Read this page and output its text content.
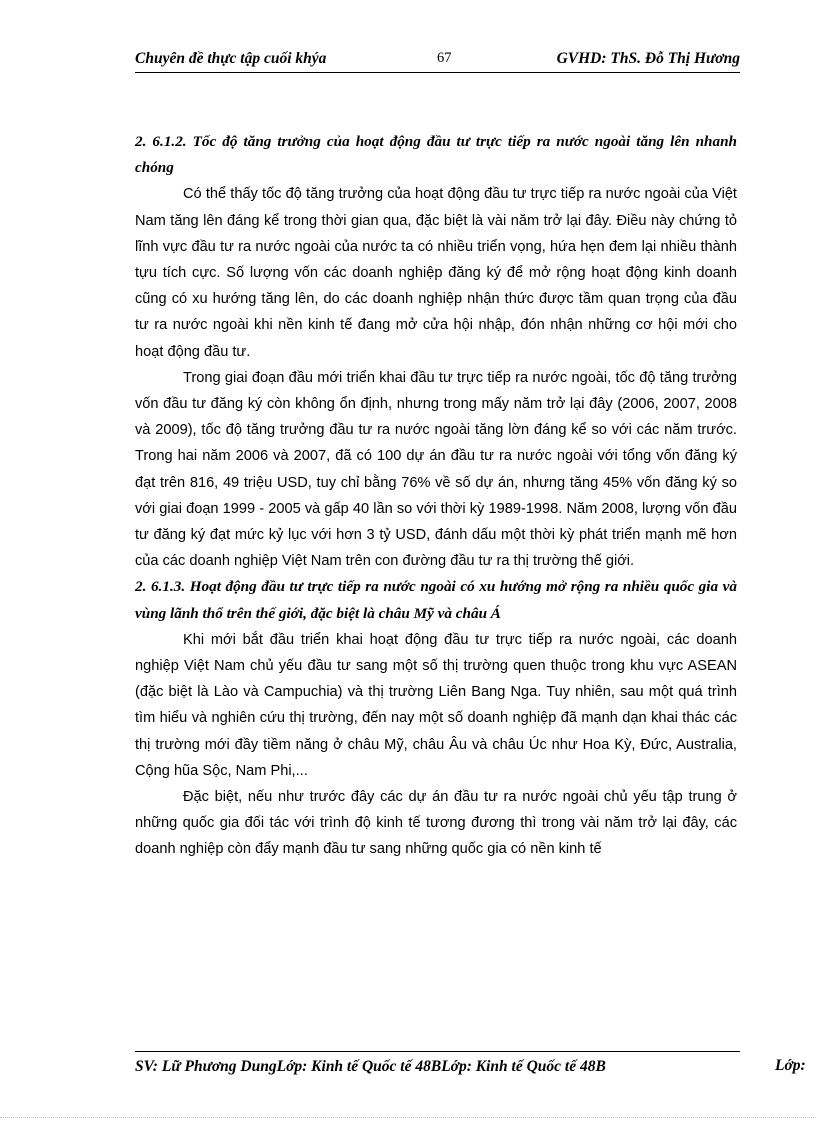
Chuyên đề thực tập cuối khýa	67	GVHD: ThS. Đỗ Thị Hương

2. 6.1.2. Tốc độ tăng trưởng của hoạt động đầu tư trực tiếp ra nước ngoài tăng lên nhanh chóng

Có thể thấy tốc độ tăng trưởng của hoạt động đầu tư trực tiếp ra nước ngoài của Việt Nam tăng lên đáng kể trong thời gian qua, đặc biệt là vài năm trở lại đây. Điều này chứng tỏ lĩnh vực đầu tư ra nước ngoài của nước ta có nhiều triển vọng, hứa hẹn đem lại nhiều thành tựu tích cực. Số lượng vốn các doanh nghiệp đăng ký để mở rộng hoạt động kinh doanh cũng có xu hướng tăng lên, do các doanh nghiệp nhận thức được tầm quan trọng của đầu tư ra nước ngoài khi nền kinh tế đang mở cửa hội nhập, đón nhận những cơ hội mới cho hoạt động đầu tư.

Trong giai đoạn đầu mới triển khai đầu tư trực tiếp ra nước ngoài, tốc độ tăng trưởng vốn đầu tư đăng ký còn không ổn định, nhưng trong mấy năm trở lại đây (2006, 2007, 2008 và 2009), tốc độ tăng trưởng đầu tư ra nước ngoài tăng lờn đáng kể so với các năm trước. Trong hai năm 2006 và 2007, đã có 100 dự án đầu tư ra nước ngoài với tổng vốn đăng ký đạt trên 816, 49 triệu USD, tuy chỉ bằng 76% về số dự án, nhưng tăng 45% vốn đăng ký so với giai đoạn 1999 - 2005 và gấp 40 lần so với thời kỳ 1989-1998. Năm 2008, lượng vốn đầu tư đăng ký đạt mức kỷ lục với hơn 3 tỷ USD, đánh dấu một thời kỳ phát triển mạnh mẽ hơn của các doanh nghiệp Việt Nam trên con đường đầu tư ra thị trường thế giới.

2. 6.1.3. Hoạt động đầu tư trực tiếp ra nước ngoài có xu hướng mở rộng ra nhiều quốc gia và vùng lãnh thổ trên thế giới, đặc biệt là châu Mỹ và châu Á

Khi mới bắt đầu triển khai hoạt động đầu tư trực tiếp ra nước ngoài, các doanh nghiệp Việt Nam chủ yếu đầu tư sang một số thị trường quen thuộc trong khu vực ASEAN (đặc biệt là Lào và Campuchia) và thị trường Liên Bang Nga. Tuy nhiên, sau một quá trình tìm hiểu và nghiên cứu thị trường, đến nay một số doanh nghiệp đã mạnh dạn khai thác các thị trường mới đầy tiềm năng ở châu Mỹ, châu Âu và châu Úc như Hoa Kỳ, Đức, Australia, Cộng hũa Sộc, Nam Phi,...

Đặc biệt, nếu như trước đây các dự án đầu tư ra nước ngoài chủ yếu tập trung ở những quốc gia đối tác với trình độ kinh tế tương đương thì trong vài năm trở lại đây, các doanh nghiệp còn đẩy mạnh đầu tư sang những quốc gia có nền kinh tế

SV: Lữ Phương DungLớp: Kinh tế Quốc tế 48BLớp: Kinh tế Quốc tế 48B	Lớp:
